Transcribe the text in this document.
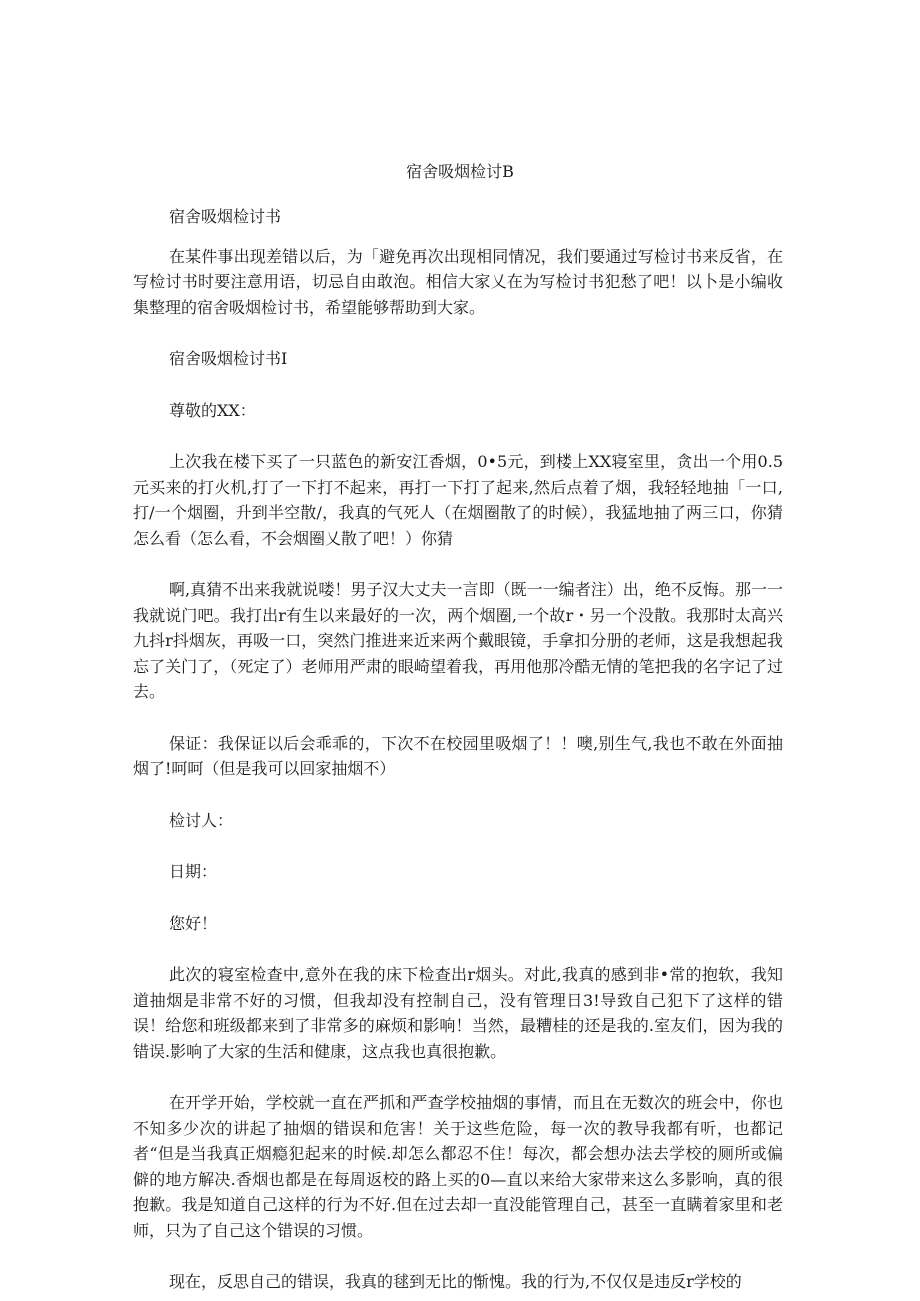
宿舍吸烟检讨B

宿舍吸烟检讨书

在某件事出现差错以后，为「避免再次出现相同情况，我们要通过写检讨书来反省，在写检讨书时要注意用语，切忌自由敢泡。相信大家乂在为写检讨书犯愁了吧！以卜是小编收集整理的宿舍吸烟检讨书，希望能够帮助到大家。

宿舍吸烟检讨书I

尊敬的XX：

上次我在楼下买了一只蓝色的新安江香烟，0•5元，到楼上XX寝室里，贪出一个用0.5元买来的打火机,打了一下打不起来，再打一下打了起来,然后点着了烟，我轻轻地抽「一口,打/一个烟圈，升到半空散/，我真的气死人（在烟圈散了的时候），我猛地抽了两三口，你猜怎么看（怎么看，不会烟圈乂散了吧！）你猜

啊,真猜不出来我就说喽！男子汉大丈夫一言即（既一一编者注）出，绝不反悔。那一一我就说门吧。我打出r有生以来最好的一次，两个烟圈,一个故r・另一个没散。我那时太高兴九抖r抖烟灰，再吸一口，突然门推进来近来两个戴眼镜，手拿扣分册的老师，这是我想起我忘了关门了，（死定了）老师用严肃的眼崎望着我，再用他那冷酷无情的笔把我的名字记了过去。

保证：我保证以后会乖乖的，下次不在校园里吸烟了！！噢,别生气,我也不敢在外面抽烟了!呵呵（但是我可以回家抽烟不）

检讨人：

日期：

您好！

此次的寝室检查中,意外在我的床下检查出r烟头。对此,我真的感到非•常的抱软，我知道抽烟是非常不好的习惯，但我却没有控制自己，没有管理日3!导致自己犯下了这样的错误！给您和班级都来到了非常多的麻烦和影响！当然，最糟桂的还是我的.室友们，因为我的错误.影响了大家的生活和健康，这点我也真很抱歉。

在开学开始，学校就一直在严抓和严查学校抽烟的事情，而且在无数次的班会中，你也不知多少次的讲起了抽烟的错误和危害！关于这些危险，每一次的教导我都有听，也都记者“但是当我真正烟瘾犯起来的时候.却怎么都忍不住！每次，都会想办法去学校的厕所或偏僻的地方解决.香烟也都是在每周返校的路上买的0—直以来给大家带来这么多影响，真的很抱歉。我是知道自己这样的行为不好.但在过去却一直没能管理自己，甚至一直瞒着家里和老师，只为了自己这个错误的习惯。

现在，反思自己的错误，我真的毬到无比的惭愧。我的行为,不仅仅是违反r学校的
